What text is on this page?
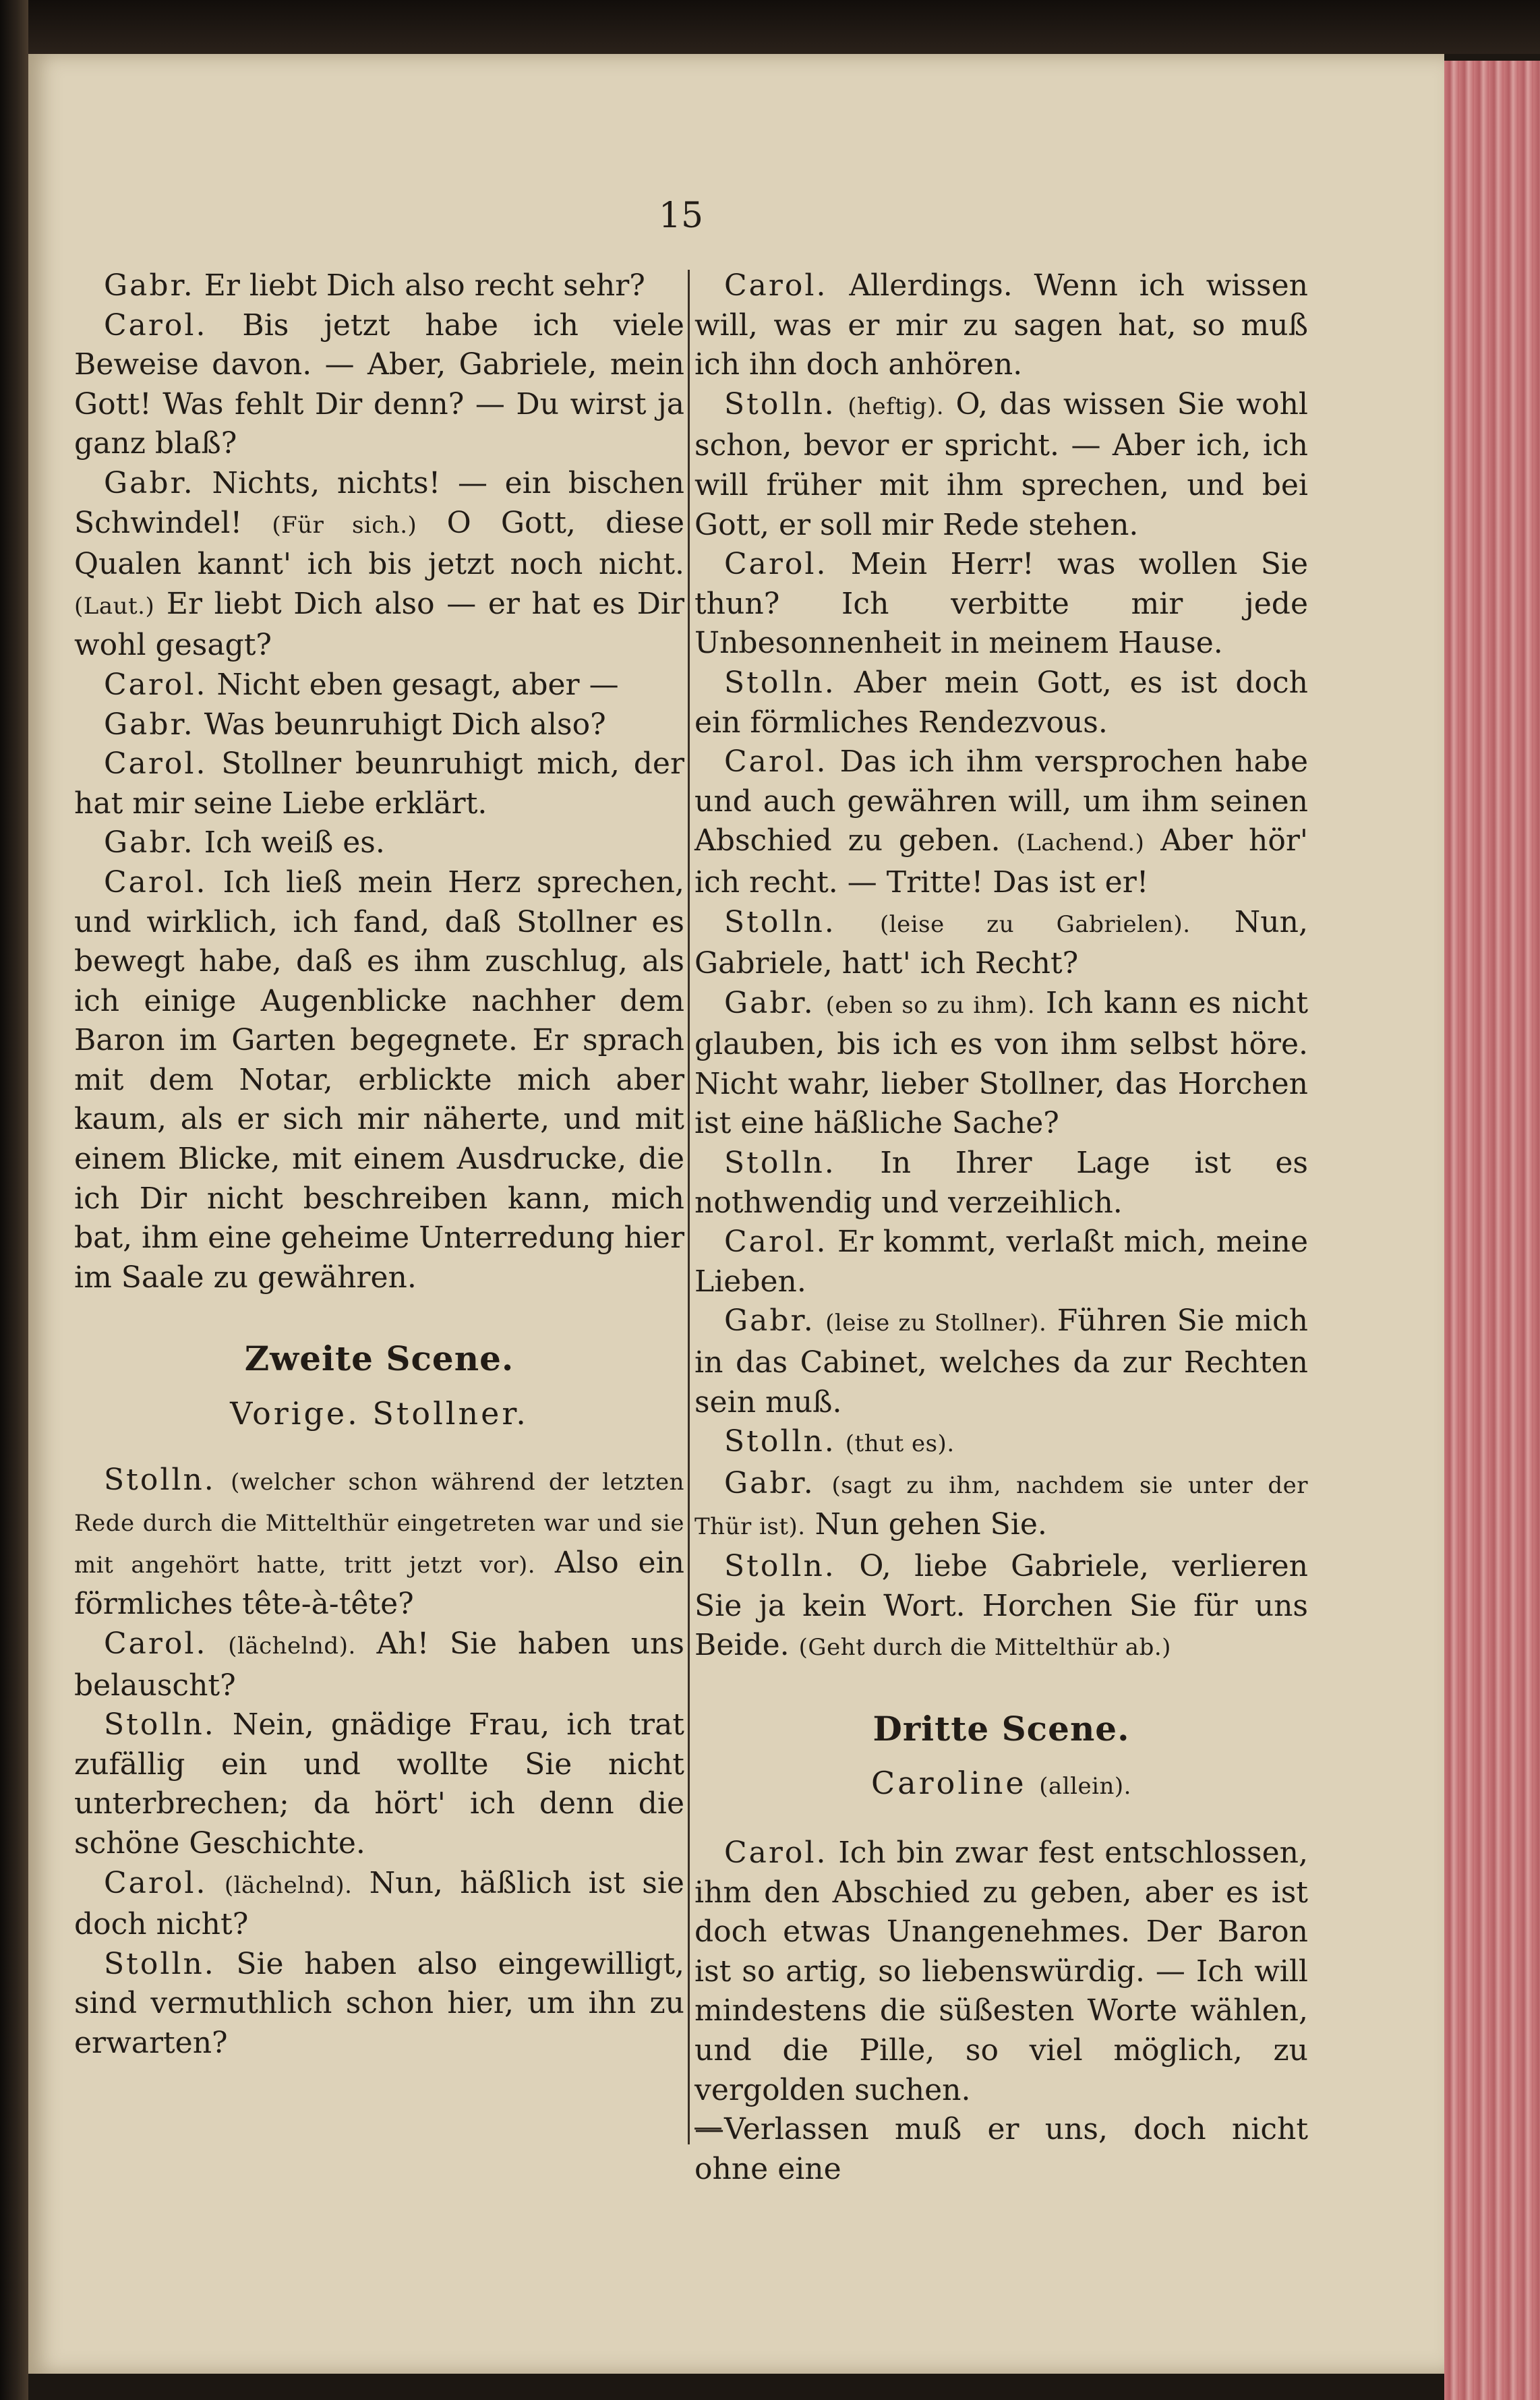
15

Gabr. Er liebt Dich also recht sehr?

Carol. Bis jetzt habe ich viele Beweise davon. — Aber, Gabriele, mein Gott! Was fehlt Dir denn? — Du wirst ja ganz blaß?

Gabr. Nichts, nichts! — ein bischen Schwindel! (Für sich.) O Gott, diese Qualen kannt' ich bis jetzt noch nicht. (Laut.) Er liebt Dich also — er hat es Dir wohl gesagt?

Carol. Nicht eben gesagt, aber —

Gabr. Was beunruhigt Dich also?

Carol. Stollner beunruhigt mich, der hat mir seine Liebe erklärt.

Gabr. Ich weiß es.

Carol. Ich ließ mein Herz sprechen, und wirklich, ich fand, daß Stollner es bewegt habe, daß es ihm zuschlug, als ich einige Augenblicke nachher dem Baron im Garten begegnete. Er sprach mit dem Notar, erblickte mich aber kaum, als er sich mir näherte, und mit einem Blicke, mit einem Ausdrucke, die ich Dir nicht beschreiben kann, mich bat, ihm eine geheime Unterredung hier im Saale zu gewähren.

Zweite Scene.
Vorige. Stollner.

Stolln. (welcher schon während der letzten Rede durch die Mittelthür eingetreten war und sie mit angehört hatte, tritt jetzt vor). Also ein förmliches tête-à-tête?

Carol. (lächelnd). Ah! Sie haben uns belauscht?

Stolln. Nein, gnädige Frau, ich trat zufällig ein und wollte Sie nicht unterbrechen; da hört' ich denn die schöne Geschichte.

Carol. (lächelnd). Nun, häßlich ist sie doch nicht?

Stolln. Sie haben also eingewilligt, sind vermuthlich schon hier, um ihn zu erwarten?

Carol. Allerdings. Wenn ich wissen will, was er mir zu sagen hat, so muß ich ihn doch anhören.

Stolln. (heftig). O, das wissen Sie wohl schon, bevor er spricht. — Aber ich, ich will früher mit ihm sprechen, und bei Gott, er soll mir Rede stehen.

Carol. Mein Herr! was wollen Sie thun? Ich verbitte mir jede Unbesonnenheit in meinem Hause.

Stolln. Aber mein Gott, es ist doch ein förmliches Rendezvous.

Carol. Das ich ihm versprochen habe und auch gewähren will, um ihm seinen Abschied zu geben. (Lachend.) Aber hör' ich recht. — Tritte! Das ist er!

Stolln. (leise zu Gabrielen). Nun, Gabriele, hatt' ich Recht?

Gabr. (eben so zu ihm). Ich kann es nicht glauben, bis ich es von ihm selbst höre. Nicht wahr, lieber Stollner, das Horchen ist eine häßliche Sache?

Stolln. In Ihrer Lage ist es nothwendig und verzeihlich.

Carol. Er kommt, verlaßt mich, meine Lieben.

Gabr. (leise zu Stollner). Führen Sie mich in das Cabinet, welches da zur Rechten sein muß.

Stolln. (thut es).

Gabr. (sagt zu ihm, nachdem sie unter der Thür ist). Nun gehen Sie.

Stolln. O, liebe Gabriele, verlieren Sie ja kein Wort. Horchen Sie für uns Beide. (Geht durch die Mittelthür ab.)

Dritte Scene.
Caroline (allein).

Carol. Ich bin zwar fest entschlossen, ihm den Abschied zu geben, aber es ist doch etwas Unangenehmes. Der Baron ist so artig, so liebenswürdig. — Ich will mindestens die süßesten Worte wählen, und die Pille, so viel möglich, zu vergolden suchen.

—Verlassen muß er uns, doch nicht ohne eine
